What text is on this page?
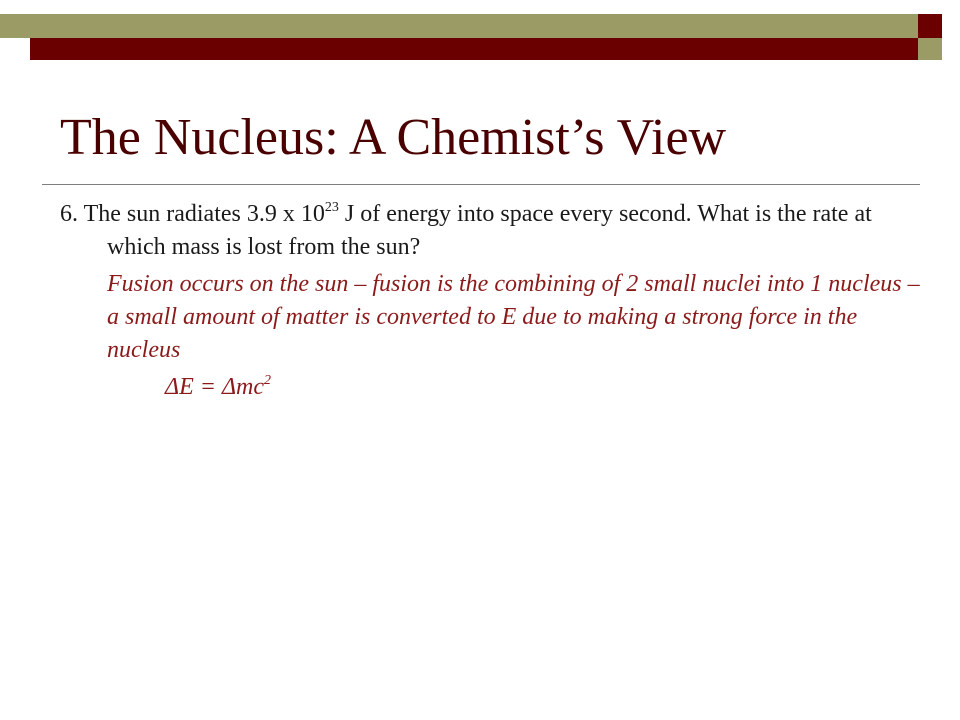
The Nucleus: A Chemist’s View

6. The sun radiates 3.9 x $10^{23}$ J of energy into space every second. What is the rate at which mass is lost from the sun?

Fusion occurs on the sun – fusion is the combining of 2 small nuclei into 1 nucleus – a small amount of matter is converted to E due to making a strong force in the nucleus

ΔE = Δmc$^2$
